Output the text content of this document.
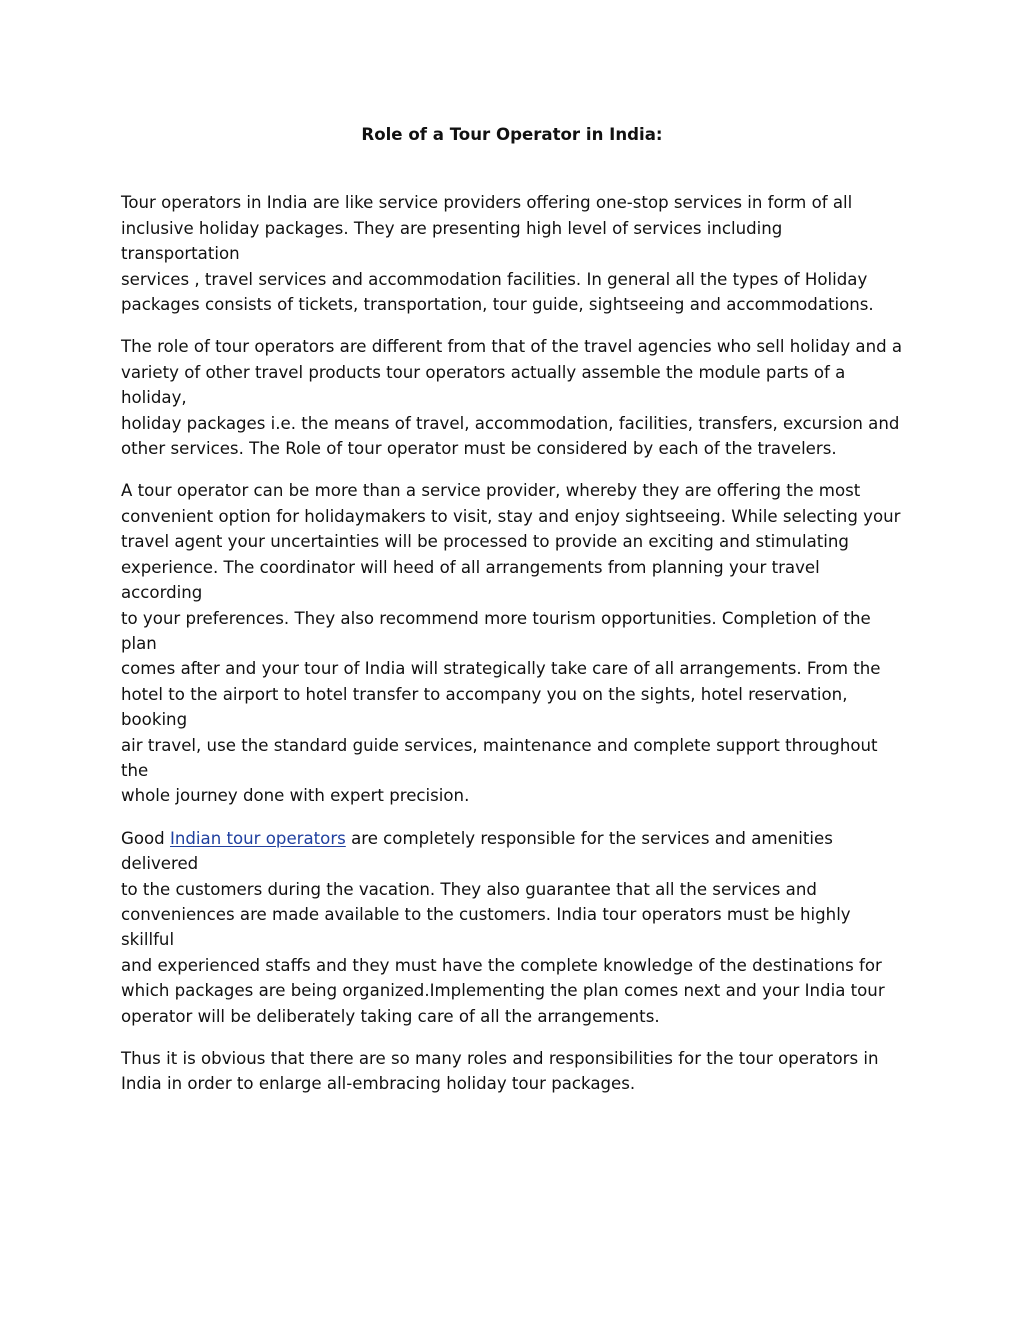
Role of a Tour Operator in India:

Tour operators in India are like service providers offering one-stop services in form of all
inclusive holiday packages. They are presenting high level of services including transportation
services , travel services and accommodation facilities. In general all the types of Holiday
packages consists of tickets, transportation, tour guide, sightseeing and accommodations.

The role of tour operators are different from that of the travel agencies who sell holiday and a
variety of other travel products tour operators actually assemble the module parts of a holiday,
holiday packages i.e. the means of travel, accommodation, facilities, transfers, excursion and
other services. The Role of tour operator must be considered by each of the travelers.

A tour operator can be more than a service provider, whereby they are offering the most
convenient option for holidaymakers to visit, stay and enjoy sightseeing. While selecting your
travel agent your uncertainties will be processed to provide an exciting and stimulating
experience. The coordinator will heed of all arrangements from planning your travel according
to your preferences. They also recommend more tourism opportunities. Completion of the plan
comes after and your tour of India will strategically take care of all arrangements. From the
hotel to the airport to hotel transfer to accompany you on the sights, hotel reservation, booking
air travel, use the standard guide services, maintenance and complete support throughout the
whole journey done with expert precision.

Good Indian tour operators are completely responsible for the services and amenities delivered
to the customers during the vacation. They also guarantee that all the services and
conveniences are made available to the customers. India tour operators must be highly skillful
and experienced staffs and they must have the complete knowledge of the destinations for
which packages are being organized.Implementing the plan comes next and your India tour
operator will be deliberately taking care of all the arrangements.

Thus it is obvious that there are so many roles and responsibilities for the tour operators in
India in order to enlarge all-embracing holiday tour packages.
